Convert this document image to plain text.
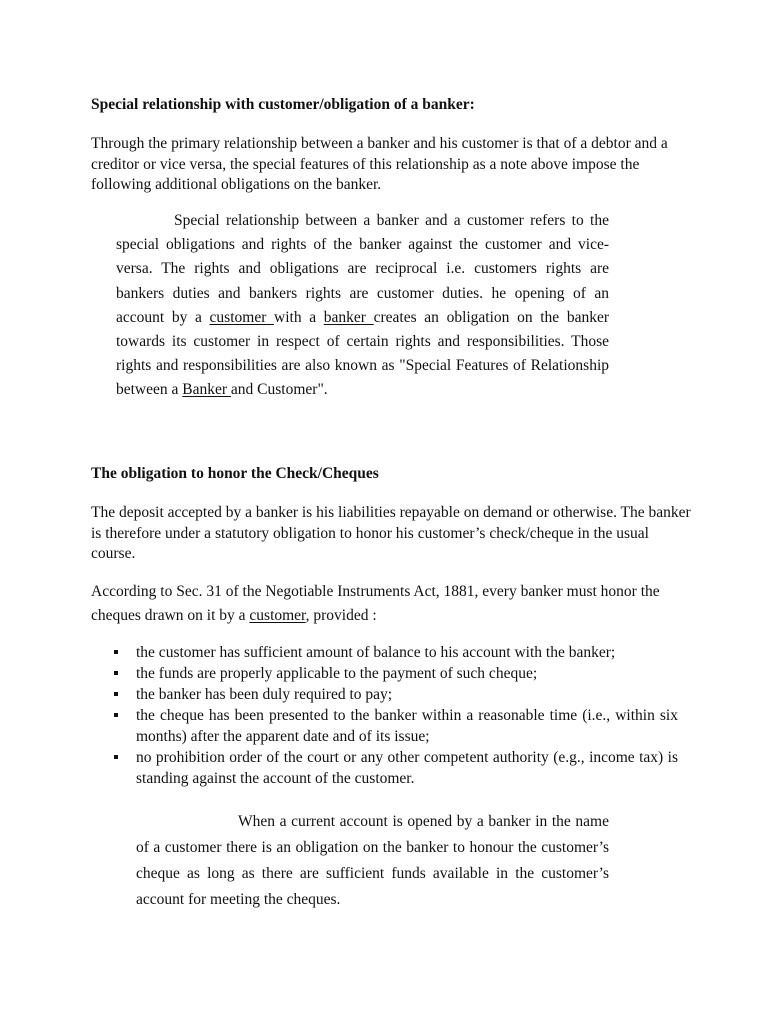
Special relationship with customer/obligation of a banker:

Through the primary relationship between a banker and his customer is that of a debtor and a creditor or vice versa, the special features of this relationship as a note above impose the following additional obligations on the banker.

Special relationship between a banker and a customer refers to the special obligations and rights of the banker against the customer and vice-versa. The rights and obligations are reciprocal i.e. customers rights are bankers duties and bankers rights are customer duties. he opening of an account by a customer with a banker creates an obligation on the banker towards its customer in respect of certain rights and responsibilities. Those rights and responsibilities are also known as "Special Features of Relationship between a Banker and Customer".

The obligation to honor the Check/Cheques

The deposit accepted by a banker is his liabilities repayable on demand or otherwise. The banker is therefore under a statutory obligation to honor his customer’s check/cheque in the usual course.

According to Sec. 31 of the Negotiable Instruments Act, 1881, every banker must honor the cheques drawn on it by a customer, provided :

the customer has sufficient amount of balance to his account with the banker;
the funds are properly applicable to the payment of such cheque;
the banker has been duly required to pay;
the cheque has been presented to the banker within a reasonable time (i.e., within six months) after the apparent date and of its issue;
no prohibition order of the court or any other competent authority (e.g., income tax) is standing against the account of the customer.

When a current account is opened by a banker in the name of a customer there is an obligation on the banker to honour the customer’s cheque as long as there are sufficient funds available in the customer’s account for meeting the cheques.
